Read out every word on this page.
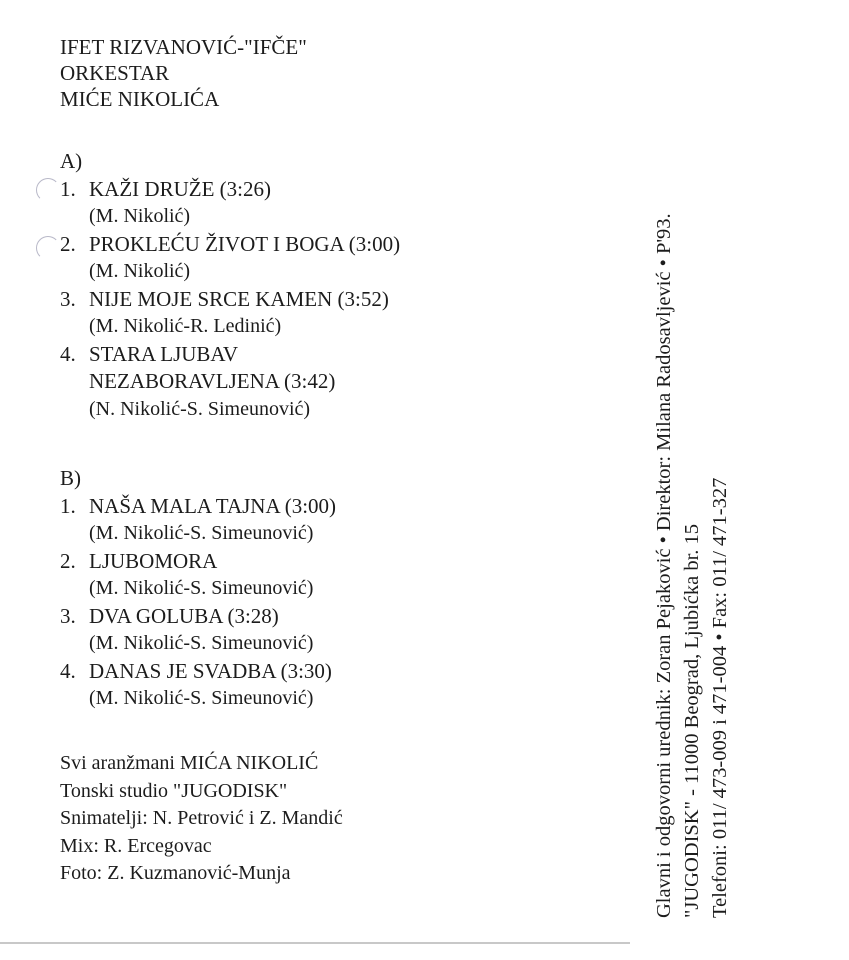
IFET RIZVANOVIĆ-"IFČE"
ORKESTAR
MIĆE NIKOLIĆA
A)
1. KAŽI DRUŽE (3:26)
(M. Nikolić)
2. PROKLEĆU ŽIVOT I BOGA (3:00)
(M. Nikolić)
3. NIJE MOJE SRCE KAMEN (3:52)
(M. Nikolić-R. Ledinić)
4. STARA LJUBAV
NEZABORAVLJENA (3:42)
(N. Nikolić-S. Simeunović)
B)
1. NAŠA MALA TAJNA (3:00)
(M. Nikolić-S. Simeunović)
2. LJUBOMORA
(M. Nikolić-S. Simeunović)
3. DVA GOLUBA (3:28)
(M. Nikolić-S. Simeunović)
4. DANAS JE SVADBA (3:30)
(M. Nikolić-S. Simeunović)
Svi aranžmani MIĆA NIKOLIĆ
Tonski studio "JUGODISK"
Snimatelji: N. Petrović i Z. Mandić
Mix: R. Ercegovac
Foto: Z. Kuzmanović-Munja	Glavni i odgovorni urednik: Zoran Pejaković • Direktor: Milana Radosavljević • P'93. "JUGODISK" - 11000 Beograd, Ljubićka br. 15 Telefoni: 011/ 473-009 i 471-004 • Fax: 011/ 471-327
